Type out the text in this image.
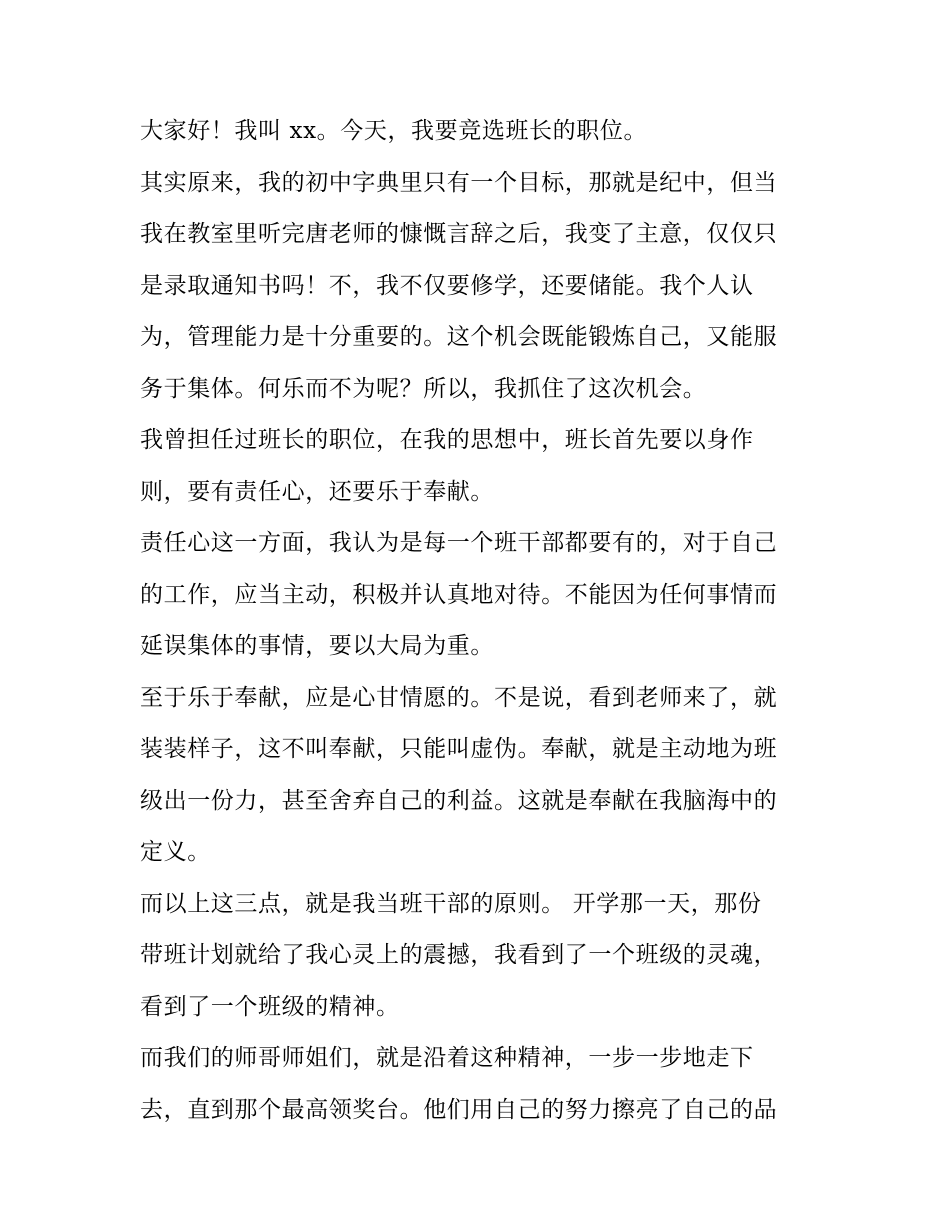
大家好！我叫 xx。今天，我要竞选班长的职位。
其实原来，我的初中字典里只有一个目标，那就是纪中，但当
我在教室里听完唐老师的慷慨言辞之后，我变了主意，仅仅只
是录取通知书吗！不，我不仅要修学，还要储能。我个人认
为，管理能力是十分重要的。这个机会既能锻炼自己，又能服
务于集体。何乐而不为呢？所以，我抓住了这次机会。
我曾担任过班长的职位，在我的思想中，班长首先要以身作
则，要有责任心，还要乐于奉献。
责任心这一方面，我认为是每一个班干部都要有的，对于自己
的工作，应当主动，积极并认真地对待。不能因为任何事情而
延误集体的事情，要以大局为重。
至于乐于奉献，应是心甘情愿的。不是说，看到老师来了，就
装装样子，这不叫奉献，只能叫虚伪。奉献，就是主动地为班
级出一份力，甚至舍弃自己的利益。这就是奉献在我脑海中的
定义。
而以上这三点，就是我当班干部的原则。 开学那一天，那份
带班计划就给了我心灵上的震撼，我看到了一个班级的灵魂，
看到了一个班级的精神。
而我们的师哥师姐们，就是沿着这种精神，一步一步地走下
去，直到那个最高领奖台。他们用自己的努力擦亮了自己的品
